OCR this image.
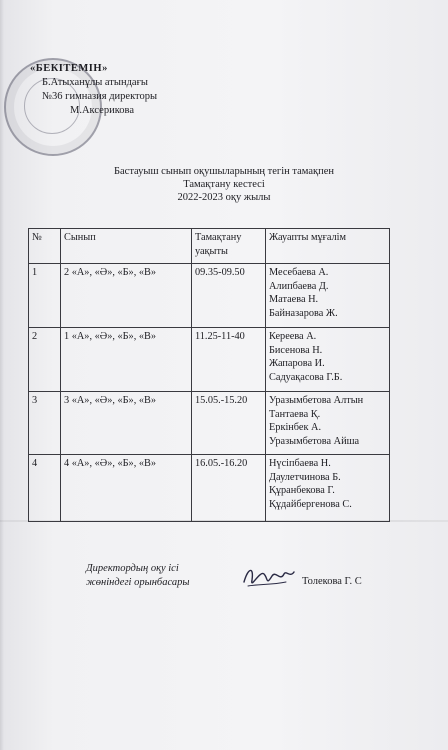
«БЕКІТЕМІН»
Б.Атыханұлы атындағы
№36 гимназия директоры
М.Аксерикова
Бастауыш сынып оқушыларының тегін тамақпен
Тамақтану кестесі
2022-2023 оқу жылы
№	Сынып	Тамақтану уақыты	Жауапты мұғалім
1	2 «А», «Ә», «Б», «В»	09.35-09.50	Месебаева А.
Алипбаева Д.
Матаева Н.
Байназарова Ж.

2	1 «А», «Ә», «Б», «В»	11.25-11-40	Кереева А.
Бисенова Н.
Жапарова И.
Садуақасова Г.Б.

3	3 «А», «Ә», «Б», «В»	15.05.-15.20	Уразымбетова Алтын
Тантаева Қ.
Еркінбек А.
Уразымбетова Айша

4	4 «А», «Ә», «Б», «В»	16.05.-16.20	Нүсіпбаева Н.
Даулетчинова Б.
Құранбекова Г.
Құдайбергенова С.
Директордың оқу ісі
жөніндегі орынбасары	Толекова Г. С
